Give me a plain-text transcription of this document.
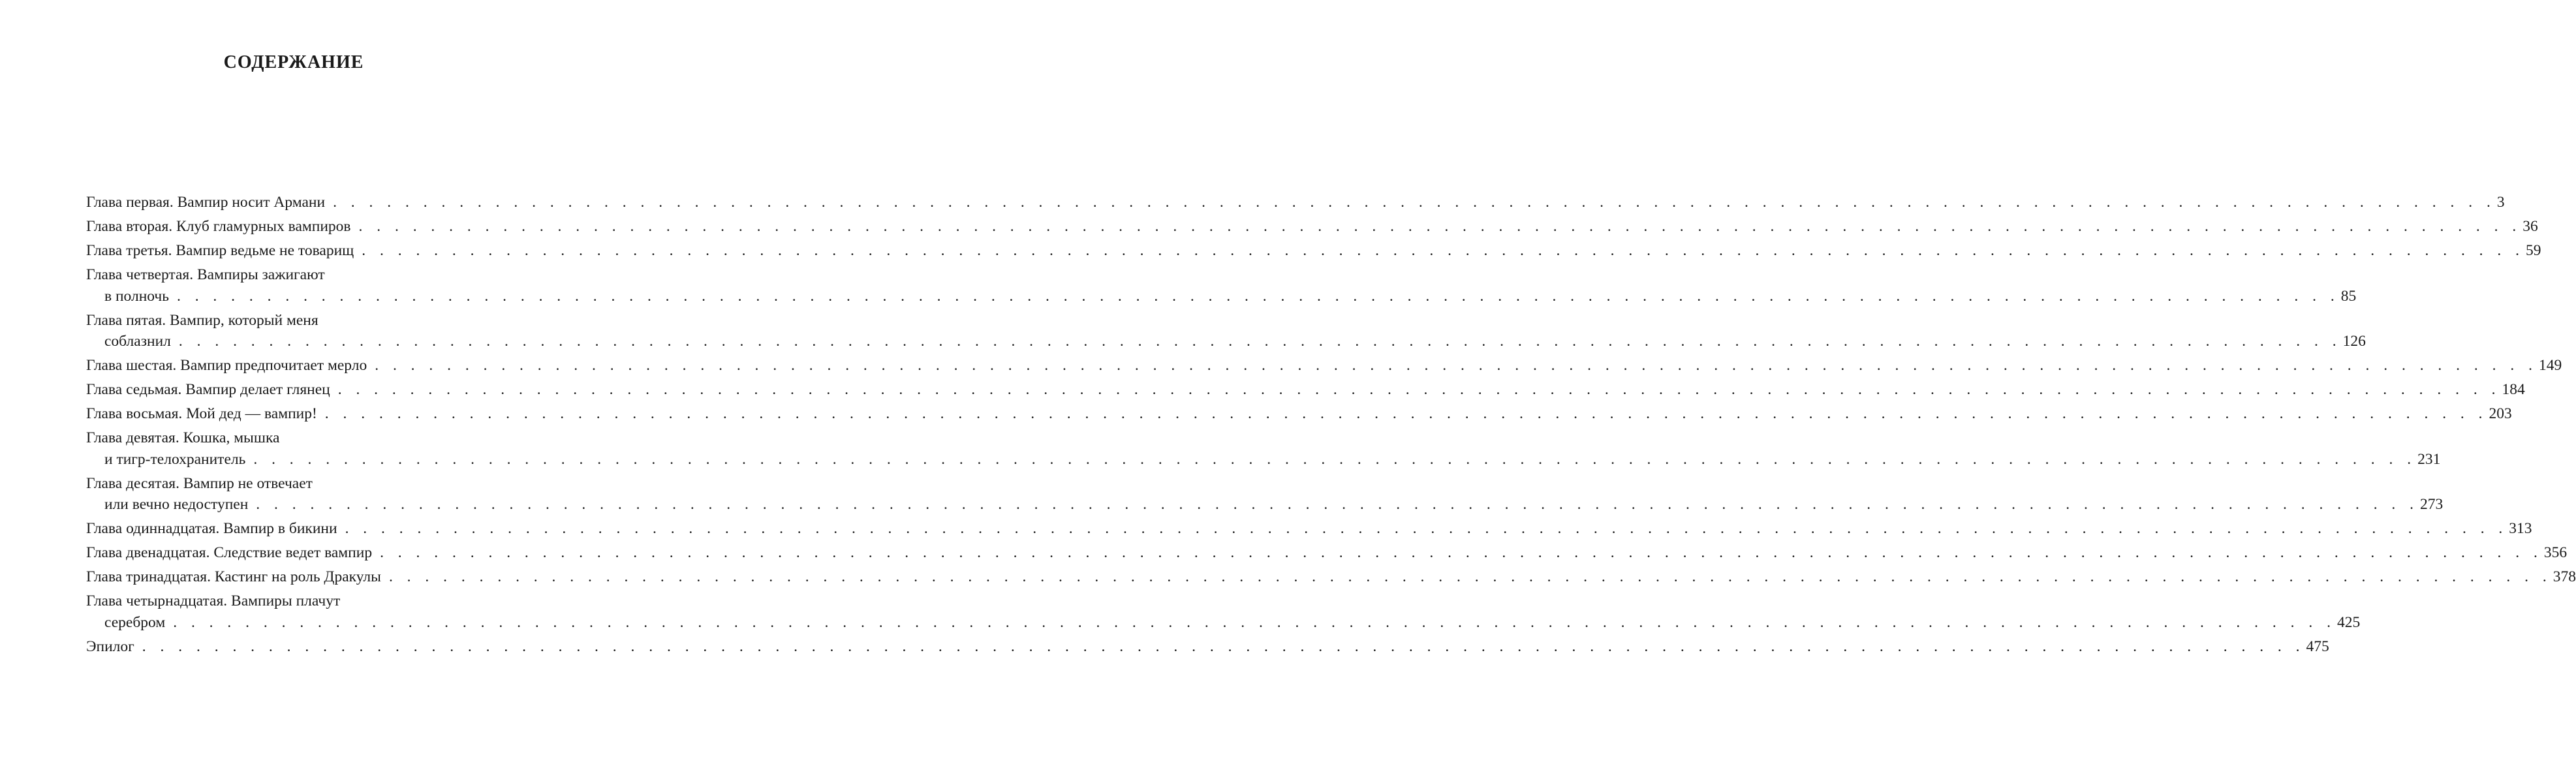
СОДЕРЖАНИЕ
Глава первая. Вампир носит Армани . . . . . . . . . . . . . . . . . . . . . . . . . . . . . . . . . . . . . . . . . . . . . . . . . . . . . . . . . . . . . . . . . . . . . . . . . . . . . . . . . . . . . . . . . . . . . . . . . . . . . . . . . . . . . . . . . . . . . . . . 3
Глава вторая. Клуб гламурных вампиров . . . . . . . . . . . . . . . . . . . . . . . . . . . . . . . . . . . . . . . . . . . . . . . . . . . . . . . . . . . . . . . . . . . . . . . . . . . . . . . . . . . . . . . . . . . . . . . . . . . . . . . . . . . . . . . . . . . . . . . . 36
Глава третья. Вампир ведьме не товарищ . . . . . . . . . . . . . . . . . . . . . . . . . . . . . . . . . . . . . . . . . . . . . . . . . . . . . . . . . . . . . . . . . . . . . . . . . . . . . . . . . . . . . . . . . . . . . . . . . . . . . . . . . . . . . . . . . . . . . . . . 59
Глава четвертая. Вампиры зажигают
в полночь . . . . . . . . . . . . . . . . . . . . . . . . . . . . . . . . . . . . . . . . . . . . . . . . . . . . . . . . . . . . . . . . . . . . . . . . . . . . . . . . . . . . . . . . . . . . . . . . . . . . . . . . . . . . . . . . . . . . . . . . 85
Глава пятая. Вампир, который меня
соблазнил . . . . . . . . . . . . . . . . . . . . . . . . . . . . . . . . . . . . . . . . . . . . . . . . . . . . . . . . . . . . . . . . . . . . . . . . . . . . . . . . . . . . . . . . . . . . . . . . . . . . . . . . . . . . . . . . . . . . . . . . 126
Глава шестая. Вампир предпочитает мерло . . . . . . . . . . . . . . . . . . . . . . . . . . . . . . . . . . . . . . . . . . . . . . . . . . . . . . . . . . . . . . . . . . . . . . . . . . . . . . . . . . . . . . . . . . . . . . . . . . . . . . . . . . . . . . . . . . . . . . . . 149
Глава седьмая. Вампир делает глянец . . . . . . . . . . . . . . . . . . . . . . . . . . . . . . . . . . . . . . . . . . . . . . . . . . . . . . . . . . . . . . . . . . . . . . . . . . . . . . . . . . . . . . . . . . . . . . . . . . . . . . . . . . . . . . . . . . . . . . . . 184
Глава восьмая. Мой дед — вампир! . . . . . . . . . . . . . . . . . . . . . . . . . . . . . . . . . . . . . . . . . . . . . . . . . . . . . . . . . . . . . . . . . . . . . . . . . . . . . . . . . . . . . . . . . . . . . . . . . . . . . . . . . . . . . . . . . . . . . . . . 203
Глава девятая. Кошка, мышка
и тигр-телохранитель . . . . . . . . . . . . . . . . . . . . . . . . . . . . . . . . . . . . . . . . . . . . . . . . . . . . . . . . . . . . . . . . . . . . . . . . . . . . . . . . . . . . . . . . . . . . . . . . . . . . . . . . . . . . . . . . . . . . . . . . 231
Глава десятая. Вампир не отвечает
или вечно недоступен . . . . . . . . . . . . . . . . . . . . . . . . . . . . . . . . . . . . . . . . . . . . . . . . . . . . . . . . . . . . . . . . . . . . . . . . . . . . . . . . . . . . . . . . . . . . . . . . . . . . . . . . . . . . . . . . . . . . . . . . 273
Глава одиннадцатая. Вампир в бикини . . . . . . . . . . . . . . . . . . . . . . . . . . . . . . . . . . . . . . . . . . . . . . . . . . . . . . . . . . . . . . . . . . . . . . . . . . . . . . . . . . . . . . . . . . . . . . . . . . . . . . . . . . . . . . . . . . . . . . . . 313
Глава двенадцатая. Следствие ведет вампир . . . . . . . . . . . . . . . . . . . . . . . . . . . . . . . . . . . . . . . . . . . . . . . . . . . . . . . . . . . . . . . . . . . . . . . . . . . . . . . . . . . . . . . . . . . . . . . . . . . . . . . . . . . . . . . . . . . . . . . . 356
Глава тринадцатая. Кастинг на роль Дракулы . . . . . . . . . . . . . . . . . . . . . . . . . . . . . . . . . . . . . . . . . . . . . . . . . . . . . . . . . . . . . . . . . . . . . . . . . . . . . . . . . . . . . . . . . . . . . . . . . . . . . . . . . . . . . . . . . . . . . . . . 378
Глава четырнадцатая. Вампиры плачут
серебром . . . . . . . . . . . . . . . . . . . . . . . . . . . . . . . . . . . . . . . . . . . . . . . . . . . . . . . . . . . . . . . . . . . . . . . . . . . . . . . . . . . . . . . . . . . . . . . . . . . . . . . . . . . . . . . . . . . . . . . . 425
Эпилог . . . . . . . . . . . . . . . . . . . . . . . . . . . . . . . . . . . . . . . . . . . . . . . . . . . . . . . . . . . . . . . . . . . . . . . . . . . . . . . . . . . . . . . . . . . . . . . . . . . . . . . . . . . . . . . . . . . . . . . . 475
